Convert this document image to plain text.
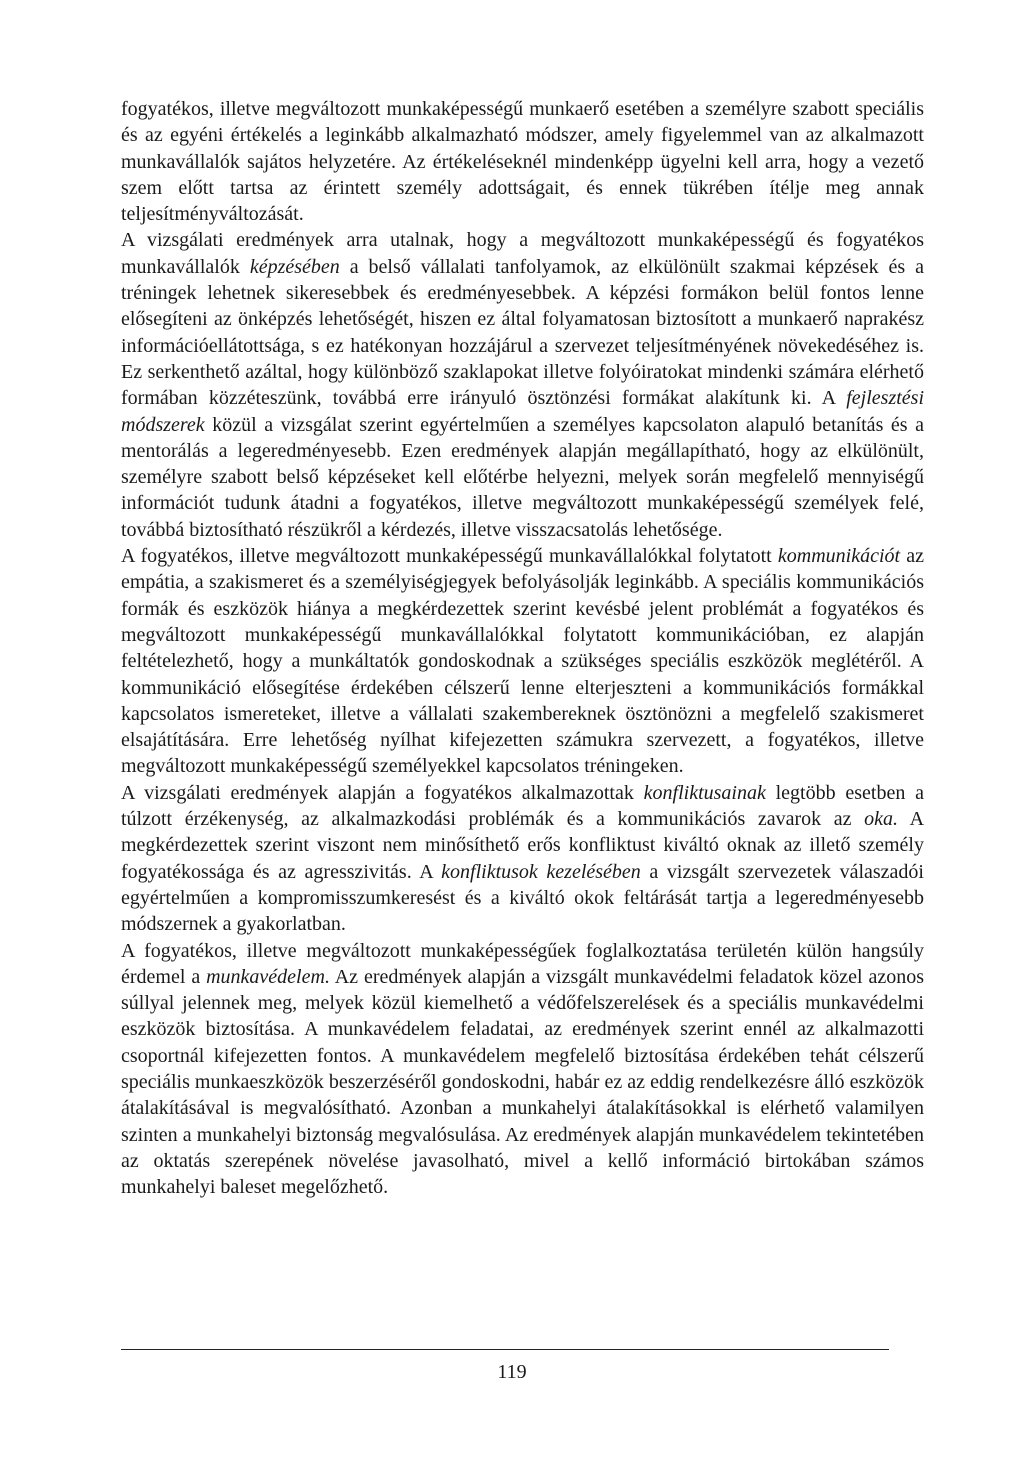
fogyatékos, illetve megváltozott munkaképességű munkaerő esetében a személyre szabott speciális és az egyéni értékelés a leginkább alkalmazható módszer, amely figyelemmel van az alkalmazott munkavállalók sajátos helyzetére. Az értékeléseknél mindenképp ügyelni kell arra, hogy a vezető szem előtt tartsa az érintett személy adottságait, és ennek tükrében ítélje meg annak teljesítményváltozását.

A vizsgálati eredmények arra utalnak, hogy a megváltozott munkaképességű és fogyatékos munkavállalók képzésében a belső vállalati tanfolyamok, az elkülönült szakmai képzések és a tréningek lehetnek sikeresebbek és eredményesebbek. A képzési formákon belül fontos lenne elősegíteni az önképzés lehetőségét, hiszen ez által folyamatosan biztosított a munkaerő naprakész információellátottsága, s ez hatékonyan hozzájárul a szervezet teljesítményének növekedéséhez is. Ez serkenthető azáltal, hogy különböző szaklapokat illetve folyóiratokat mindenki számára elérhető formában közzéteszünk, továbbá erre irányuló ösztönzési formákat alakítunk ki. A fejlesztési módszerek közül a vizsgálat szerint egyértelműen a személyes kapcsolaton alapuló betanítás és a mentorálás a legeredményesebb. Ezen eredmények alapján megállapítható, hogy az elkülönült, személyre szabott belső képzéseket kell előtérbe helyezni, melyek során megfelelő mennyiségű információt tudunk átadni a fogyatékos, illetve megváltozott munkaképességű személyek felé, továbbá biztosítható részükről a kérdezés, illetve visszacsatolás lehetősége.

A fogyatékos, illetve megváltozott munkaképességű munkavállalókkal folytatott kommunikációt az empátia, a szakismeret és a személyiségjegyek befolyásolják leginkább. A speciális kommunikációs formák és eszközök hiánya a megkérdezettek szerint kevésbé jelent problémát a fogyatékos és megváltozott munkaképességű munkavállalókkal folytatott kommunikációban, ez alapján feltételezhető, hogy a munkáltatók gondoskodnak a szükséges speciális eszközök meglétéről. A kommunikáció elősegítése érdekében célszerű lenne elterjeszteni a kommunikációs formákkal kapcsolatos ismereteket, illetve a vállalati szakembereknek ösztönözni a megfelelő szakismeret elsajátítására. Erre lehetőség nyílhat kifejezetten számukra szervezett, a fogyatékos, illetve megváltozott munkaképességű személyekkel kapcsolatos tréningeken.

A vizsgálati eredmények alapján a fogyatékos alkalmazottak konfliktusainak legtöbb esetben a túlzott érzékenység, az alkalmazkodási problémák és a kommunikációs zavarok az oka. A megkérdezettek szerint viszont nem minősíthető erős konfliktust kiváltó oknak az illető személy fogyatékossága és az agresszivitás. A konfliktusok kezelésében a vizsgált szervezetek válaszadói egyértelműen a kompromisszumkeresést és a kiváltó okok feltárását tartja a legeredményesebb módszernek a gyakorlatban.

A fogyatékos, illetve megváltozott munkaképességűek foglalkoztatása területén külön hangsúly érdemel a munkavédelem. Az eredmények alapján a vizsgált munkavédelmi feladatok közel azonos súllyal jelennek meg, melyek közül kiemelhető a védőfelszerelések és a speciális munkavédelmi eszközök biztosítása. A munkavédelem feladatai, az eredmények szerint ennél az alkalmazotti csoportnál kifejezetten fontos. A munkavédelem megfelelő biztosítása érdekében tehát célszerű speciális munkaeszközök beszerzéséről gondoskodni, habár ez az eddig rendelkezésre álló eszközök átalakításával is megvalósítható. Azonban a munkahelyi átalakításokkal is elérhető valamilyen szinten a munkahelyi biztonság megvalósulása. Az eredmények alapján munkavédelem tekintetében az oktatás szerepének növelése javasolható, mivel a kellő információ birtokában számos munkahelyi baleset megelőzhető.

119
